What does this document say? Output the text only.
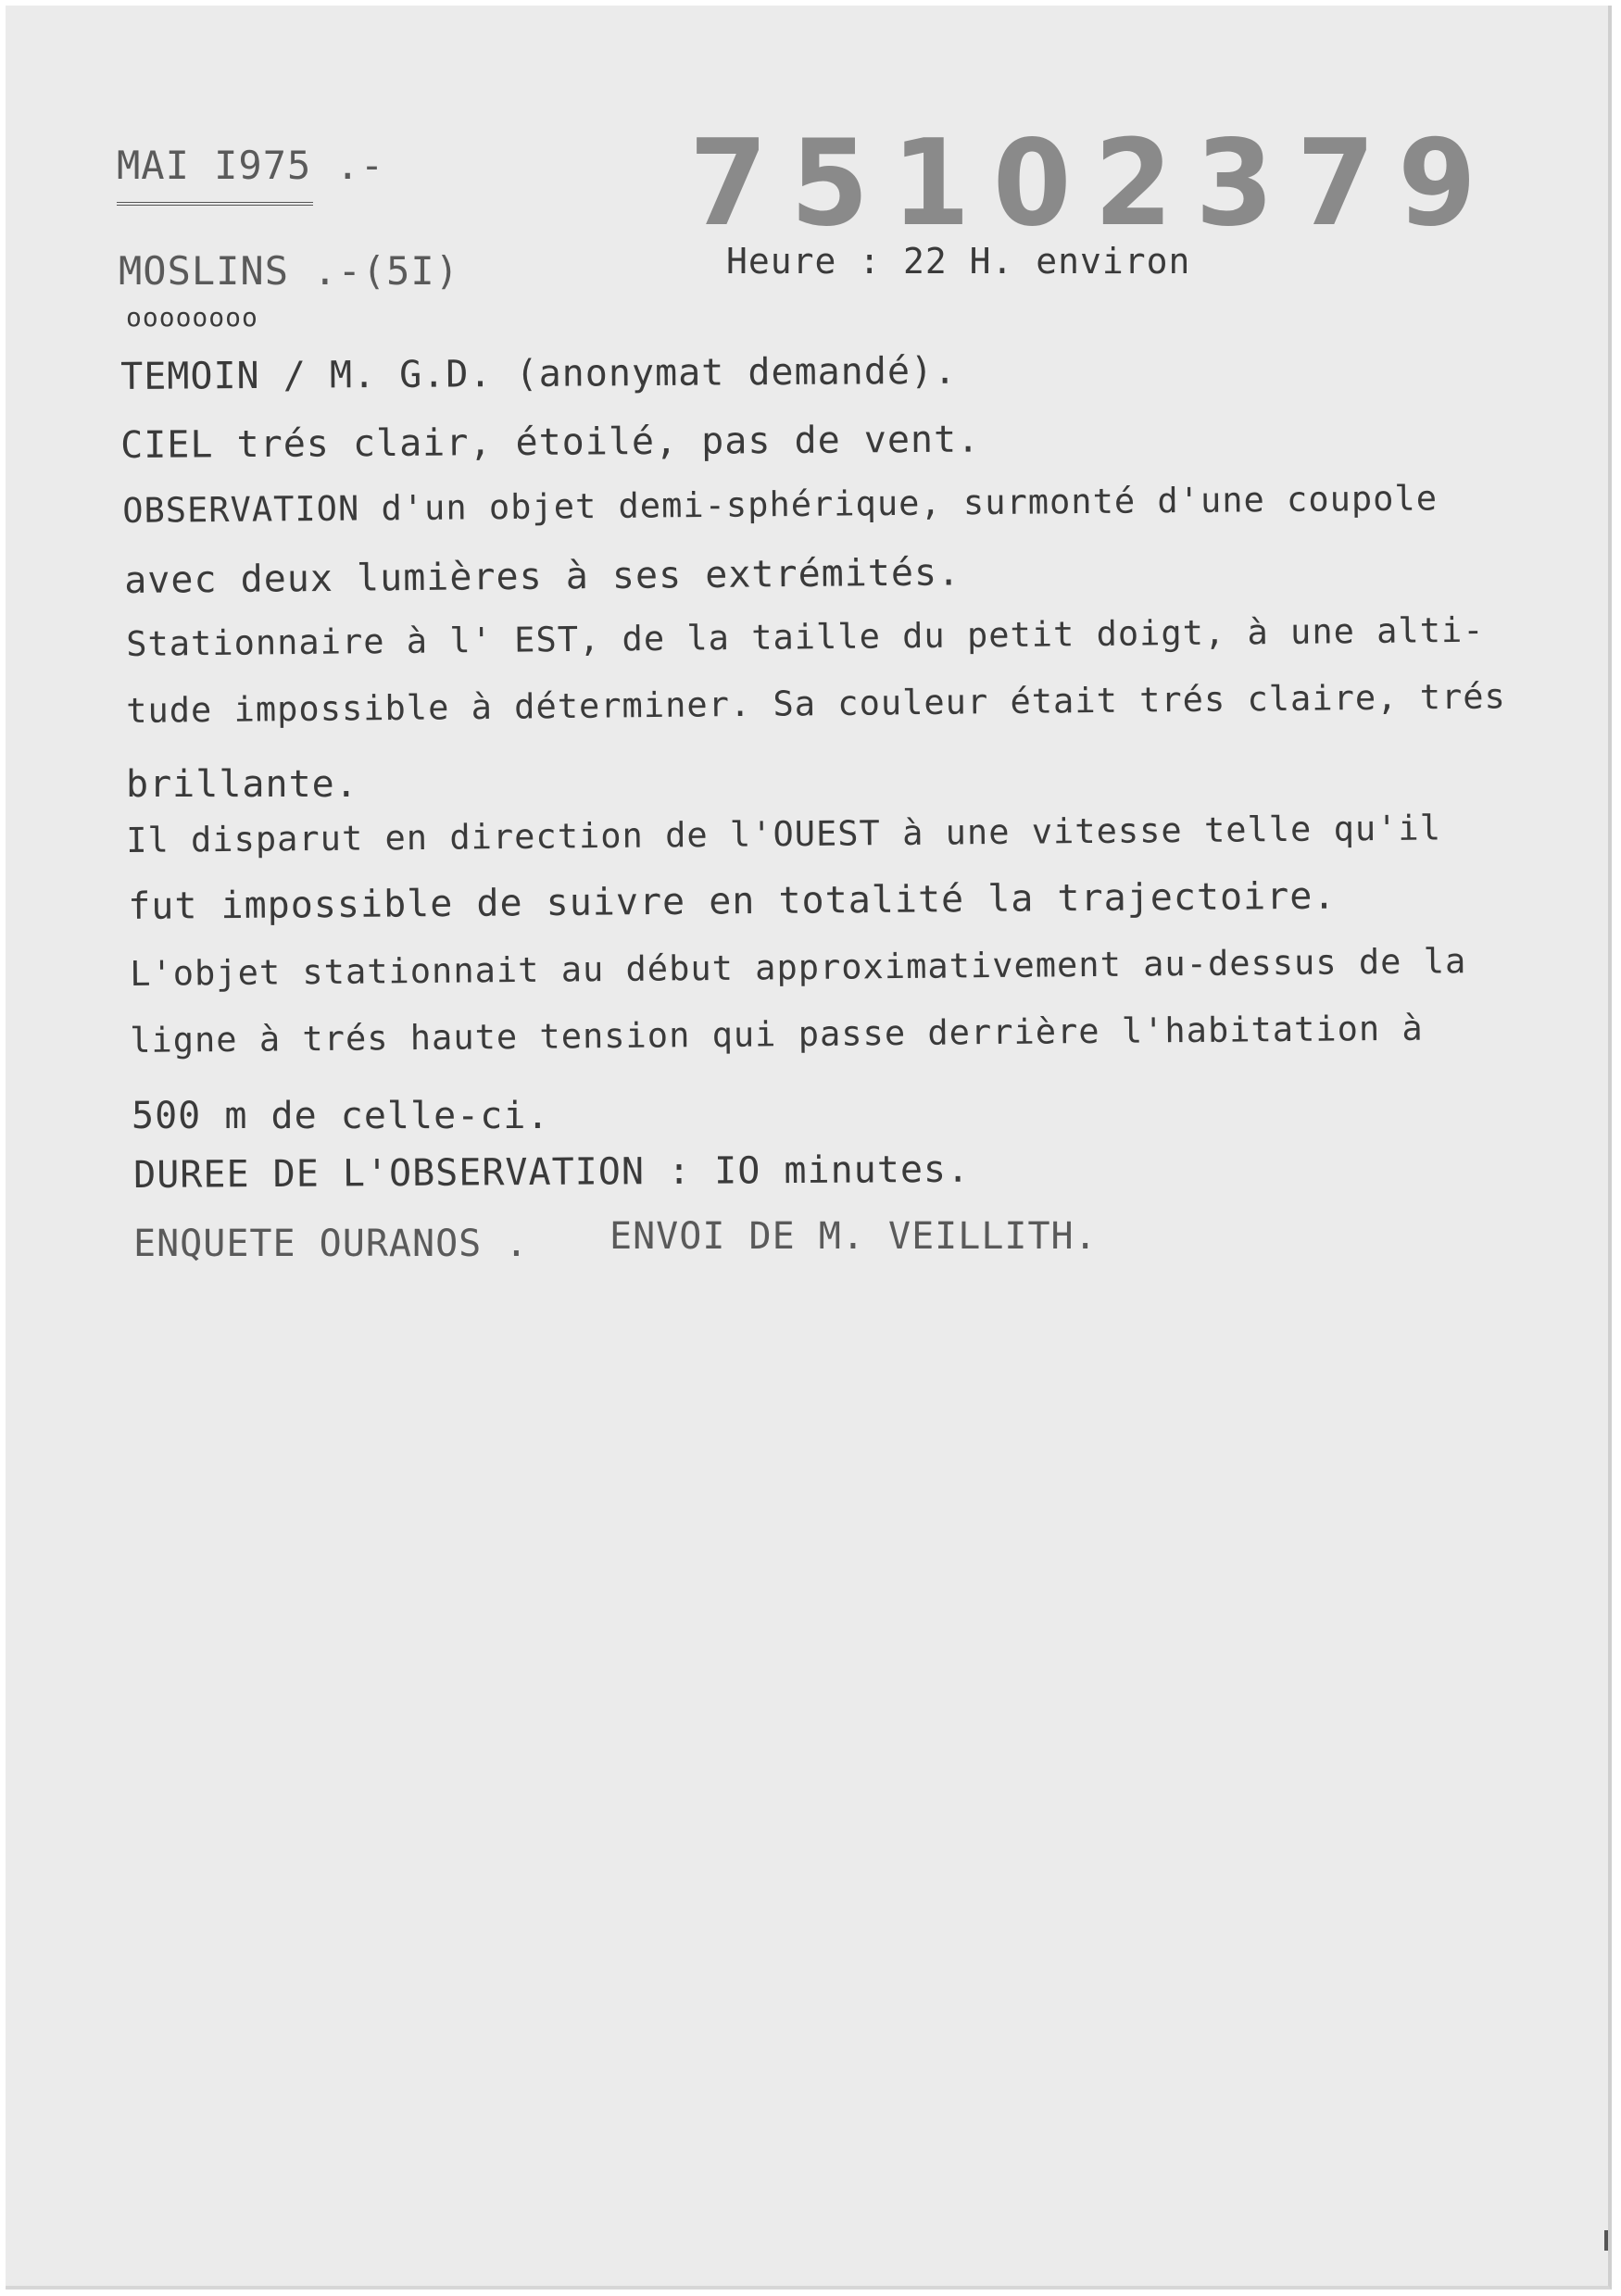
MAI I975 .-	75102379
MOSLINS .-(5I)
oooooooo
Heure : 22 H. environ
TEMOIN / M. G.D. (anonymat demandé).
CIEL trés clair, étoilé, pas de vent.
OBSERVATION d'un objet demi-sphérique, surmonté d'une coupole
avec deux lumières à ses extrémités.
Stationnaire à l' EST, de la taille du petit doigt, à une alti-
tude impossible à déterminer. Sa couleur était trés claire, trés
brillante.
Il disparut en direction de l'OUEST à une vitesse telle qu'il
fut impossible de suivre en totalité la trajectoire.
L'objet stationnait au début approximativement au-dessus de la
ligne à trés haute tension qui passe derrière l'habitation à
500 m de celle-ci.
DUREE DE L'OBSERVATION : IO minutes.
ENQUETE OURANOS . ENVOI DE M. VEILLITH.
